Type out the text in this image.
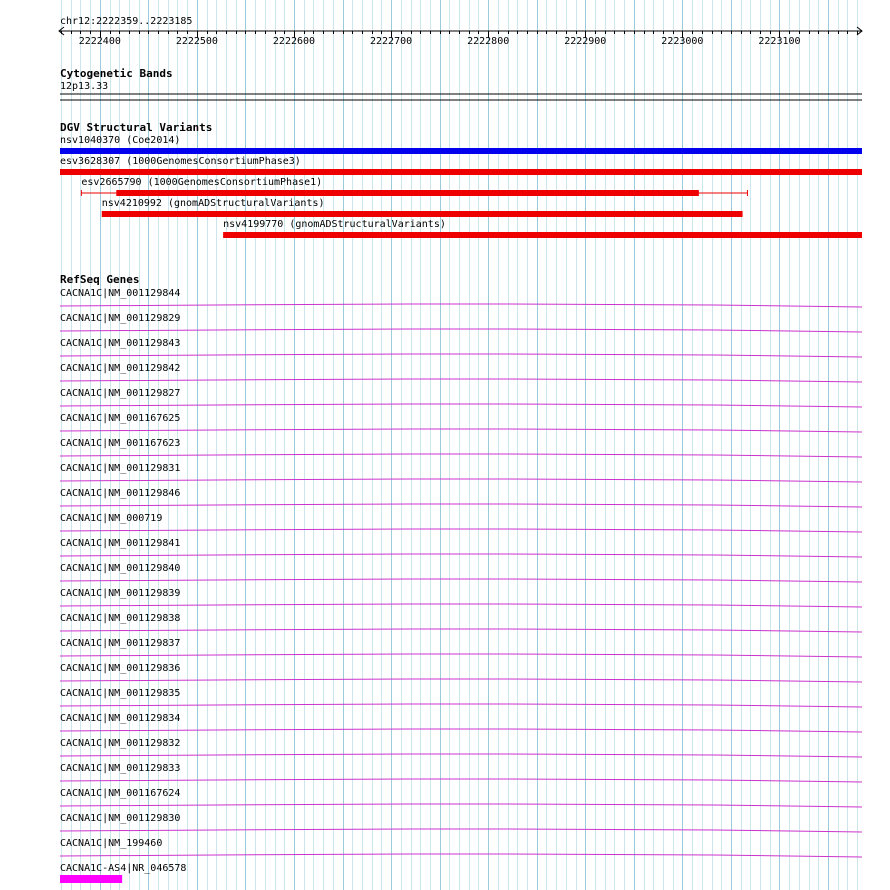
chr12:2222359..2223185
2222400	2222500	2222600	2222700	2222800	2222900	2223000	2223100
Cytogenetic Bands
12p13.33
DGV Structural Variants
nsv1040370 (Coe2014)
esv3628307 (1000GenomesConsortiumPhase3)
esv2665790 (1000GenomesConsortiumPhase1)
nsv4210992 (gnomADStructuralVariants)
nsv4199770 (gnomADStructuralVariants)
RefSeq Genes
CACNA1C|NM_001129844
CACNA1C|NM_001129829
CACNA1C|NM_001129843
CACNA1C|NM_001129842
CACNA1C|NM_001129827
CACNA1C|NM_001167625
CACNA1C|NM_001167623
CACNA1C|NM_001129831
CACNA1C|NM_001129846
CACNA1C|NM_000719
CACNA1C|NM_001129841
CACNA1C|NM_001129840
CACNA1C|NM_001129839
CACNA1C|NM_001129838
CACNA1C|NM_001129837
CACNA1C|NM_001129836
CACNA1C|NM_001129835
CACNA1C|NM_001129834
CACNA1C|NM_001129832
CACNA1C|NM_001129833
CACNA1C|NM_001167624
CACNA1C|NM_001129830
CACNA1C|NM_199460
CACNA1C-AS4|NR_046578
